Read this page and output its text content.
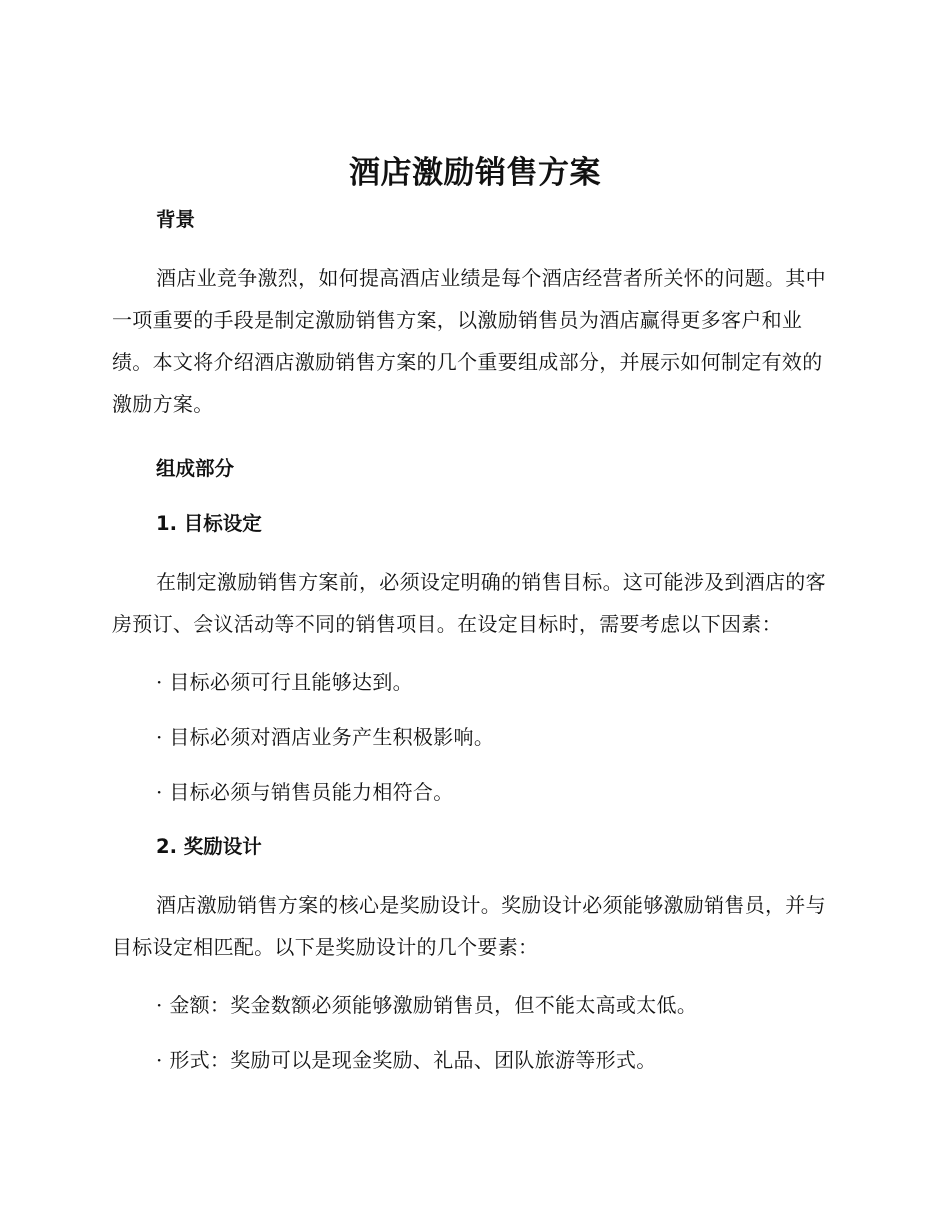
酒店激励销售方案
背景

酒店业竞争激烈，如何提高酒店业绩是每个酒店经营者所关怀的问题。其中一项重要的手段是制定激励销售方案，以激励销售员为酒店赢得更多客户和业绩。本文将介绍酒店激励销售方案的几个重要组成部分，并展示如何制定有效的激励方案。

组成部分
1. 目标设定

在制定激励销售方案前，必须设定明确的销售目标。这可能涉及到酒店的客房预订、会议活动等不同的销售项目。在设定目标时，需要考虑以下因素：

· 目标必须可行且能够达到。
· 目标必须对酒店业务产生积极影响。
· 目标必须与销售员能力相符合。
2. 奖励设计

酒店激励销售方案的核心是奖励设计。奖励设计必须能够激励销售员，并与目标设定相匹配。以下是奖励设计的几个要素：

· 金额：奖金数额必须能够激励销售员，但不能太高或太低。
· 形式：奖励可以是现金奖励、礼品、团队旅游等形式。
